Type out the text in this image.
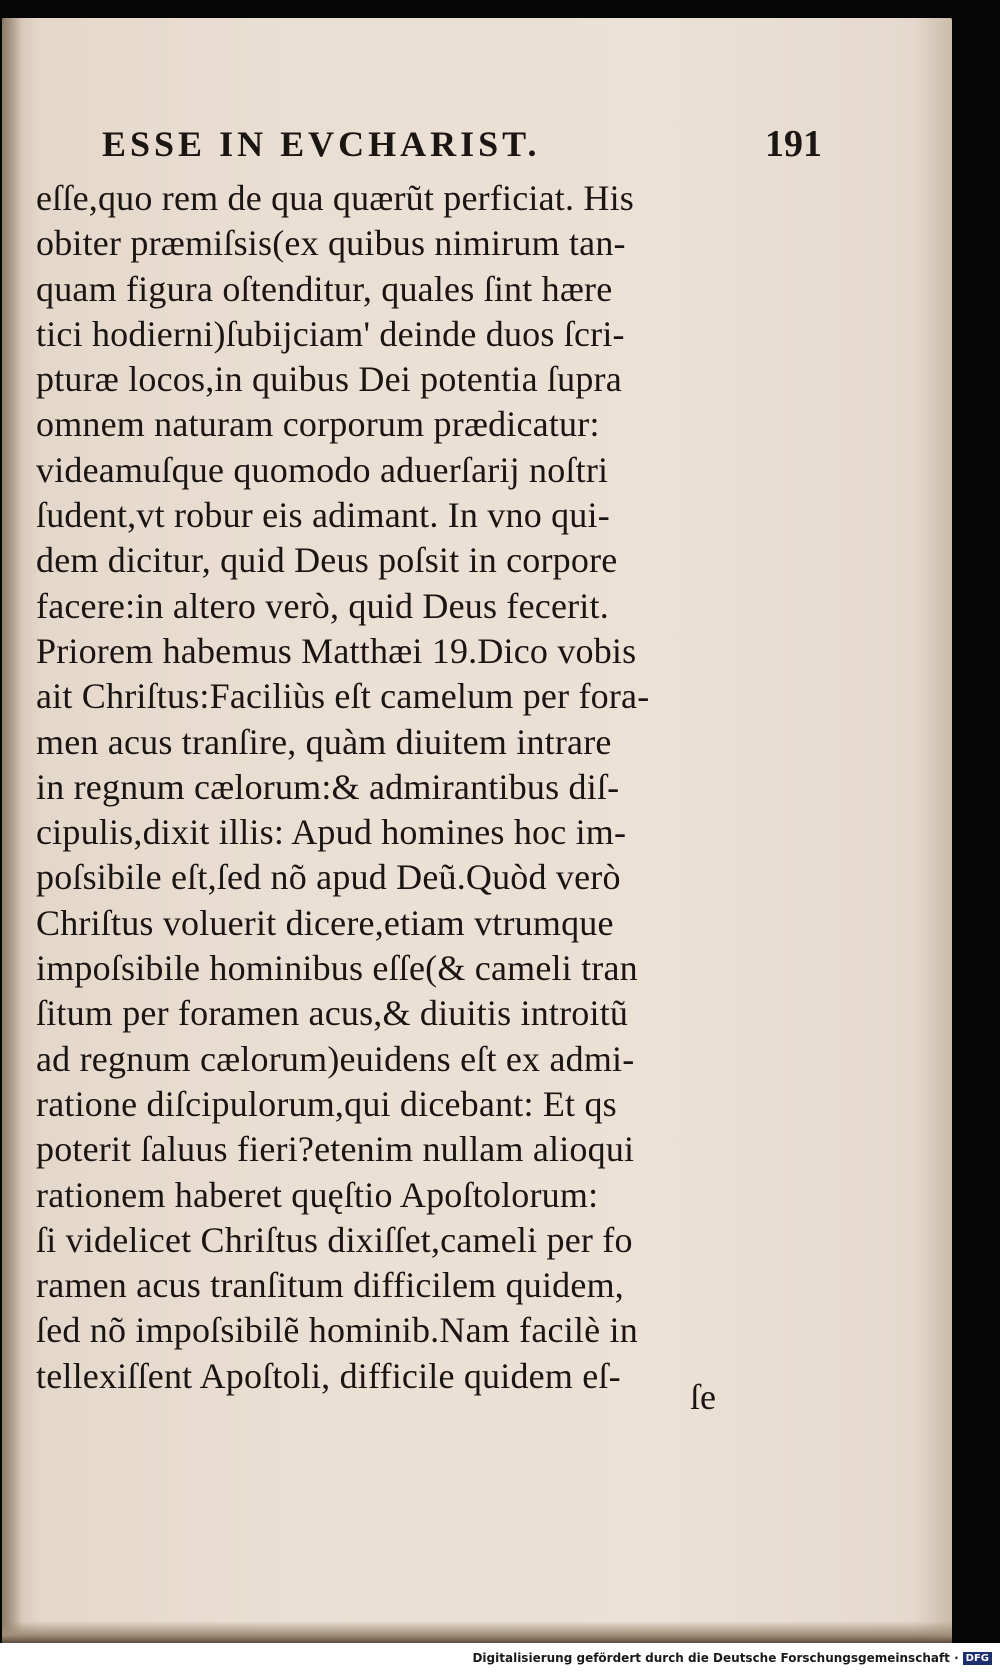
ESSE IN EVCHARIST.	191
eſſe,quo rem de qua quærũt perficiat. His
obiter præmiſsis(ex quibus nimirum tan-
quam figura oſtenditur, quales ſint hære
tici hodierni)ſubijciam' deinde duos ſcri-
pturæ locos,in quibus Dei potentia ſupra
omnem naturam corporum prædicatur:
videamuſque quomodo aduerſarij noſtri
ſudent,vt robur eis adimant. In vno qui-
dem dicitur, quid Deus poſsit in corpore
facere:in altero verò, quid Deus fecerit.
Priorem habemus Matthæi 19.Dico vobis
ait Chriſtus:Faciliùs eſt camelum per fora-
men acus tranſire, quàm diuitem intrare
in regnum cælorum:& admirantibus diſ-
cipulis,dixit illis: Apud homines hoc im-
poſsibile eſt,ſed nõ apud Deũ.Quòd verò
Chriſtus voluerit dicere,etiam vtrumque
impoſsibile hominibus eſſe(& cameli tran
ſitum per foramen acus,& diuitis introitũ
ad regnum cælorum)euidens eſt ex admi-
ratione diſcipulorum,qui dicebant: Et qs
poterit ſaluus fieri?etenim nullam alioqui
rationem haberet quęſtio Apoſtolorum:
ſi videlicet Chriſtus dixiſſet,cameli per fo
ramen acus tranſitum difficilem quidem,
ſed nõ impoſsibilẽ hominib.Nam facilè in
tellexiſſent Apoſtoli, difficile quidem eſ-
ſe
Digitalisierung gefördert durch die Deutsche Forschungsgemeinschaft · DFG
